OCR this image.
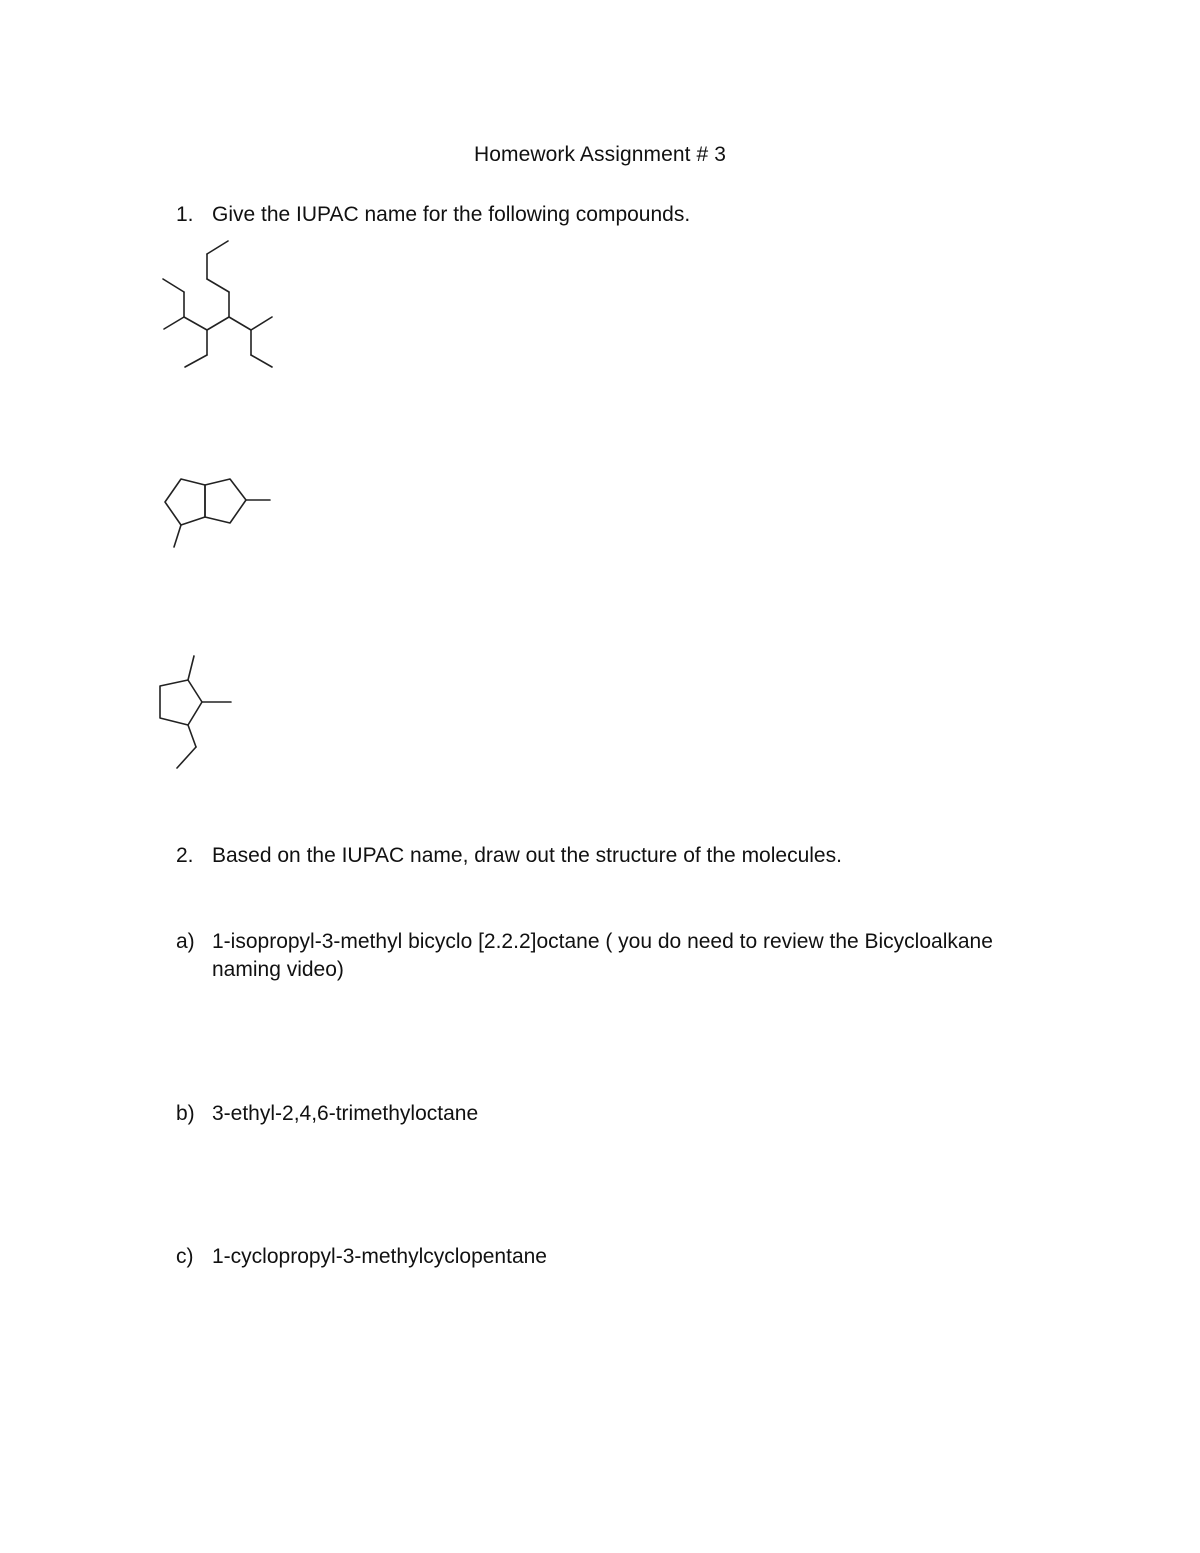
Homework Assignment # 3
1. Give the IUPAC name for the following compounds.
2. Based on the IUPAC name, draw out the structure of the molecules.
a) 1-isopropyl-3-methyl bicyclo [2.2.2]octane ( you do need to review the Bicycloalkane naming video)
b) 3-ethyl-2,4,6-trimethyloctane
c) 1-cyclopropyl-3-methylcyclopentane
